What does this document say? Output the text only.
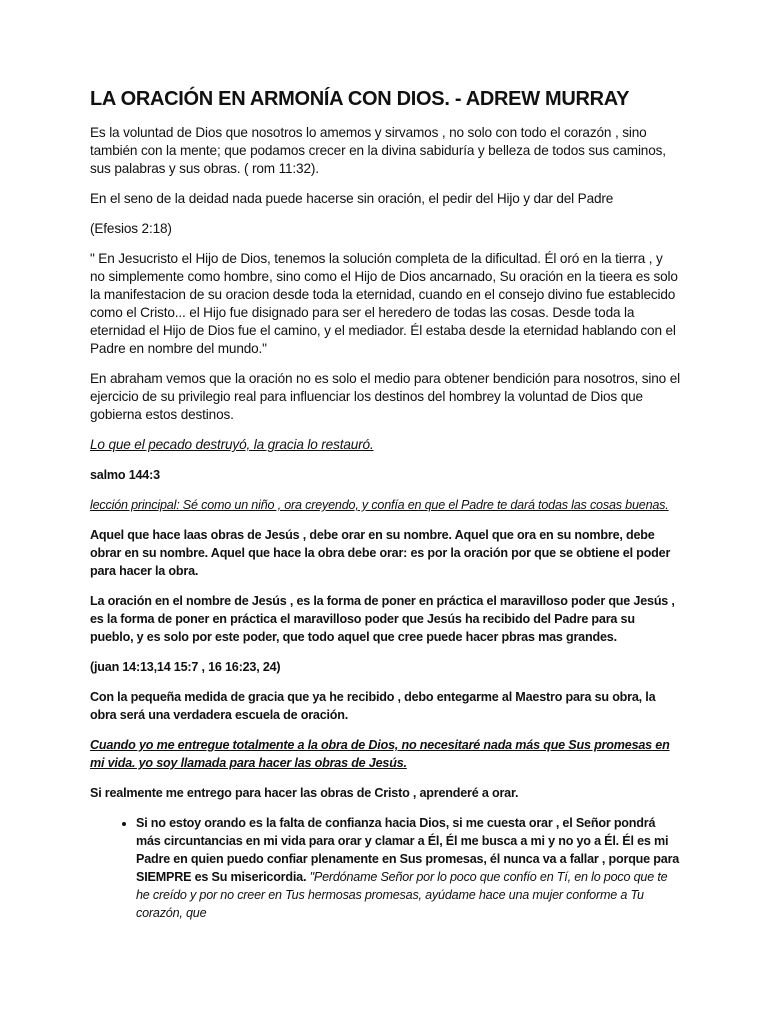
LA ORACIÓN EN ARMONÍA CON DIOS. - ADREW MURRAY

Es la voluntad de Dios que nosotros lo amemos y sirvamos , no solo con todo el corazón , sino también con la mente; que podamos crecer en la divina sabiduría y belleza de todos sus caminos, sus palabras y sus obras. ( rom 11:32).

En el seno de la deidad nada puede hacerse sin oración, el pedir del Hijo y dar del Padre

(Efesios 2:18)

" En Jesucristo el Hijo de Dios, tenemos la solución completa de la dificultad. Él oró en la tierra , y no simplemente como hombre, sino como el Hijo de Dios ancarnado, Su oración en la tieera es solo la manifestacion de su oracion desde toda la eternidad, cuando en el consejo divino fue establecido como el Cristo... el Hijo fue disignado para ser el heredero de todas las cosas. Desde toda la eternidad el Hijo de Dios fue el camino, y el mediador. Él estaba desde la eternidad hablando con el Padre en nombre del mundo."

En abraham vemos que la oración no es solo el medio para obtener bendición para nosotros, sino el ejercicio de su privilegio real para influenciar los destinos del hombrey la voluntad de Dios que gobierna estos destinos.

Lo que el pecado destruyó, la gracia lo restauró.

salmo 144:3

lección principal: Sé como un niño , ora creyendo, y confía en que el Padre te dará todas las cosas buenas.

Aquel que hace laas obras de Jesús , debe orar en su nombre. Aquel que ora en su nombre, debe obrar en su nombre. Aquel que hace la obra debe orar: es por la oración por que se obtiene el poder para hacer la obra.

La oración en el nombre de Jesús , es la forma de poner en práctica el maravilloso poder que Jesús , es la forma de poner en práctica el maravilloso poder que Jesús ha recibido del Padre para su pueblo, y es solo por este poder, que todo aquel que cree puede hacer pbras mas grandes.

(juan 14:13,14 15:7 , 16 16:23, 24)

Con la pequeña medida de gracia que ya he recibido , debo entegarme al Maestro para su obra, la obra será una verdadera escuela de oración.

Cuando yo me entregue totalmente a la obra de Dios, no necesitaré nada más que Sus promesas en mi vida. yo soy llamada para hacer las obras de Jesús.

Si realmente me entrego para hacer las obras de Cristo , aprenderé a orar.

• Si no estoy orando es la falta de confianza hacia Dios, si me cuesta orar , el Señor pondrá más circuntancias en mi vida para orar y clamar a Él, Él me busca a mi y no yo a Él. Él es mi Padre en quien puedo confiar plenamente en Sus promesas, él nunca va a fallar , porque para SIEMPRE es Su misericordia. "Perdóname Señor por lo poco que confío en Tí, en lo poco que te he creído y por no creer en Tus hermosas promesas, ayúdame hace una mujer conforme a Tu corazón, que
